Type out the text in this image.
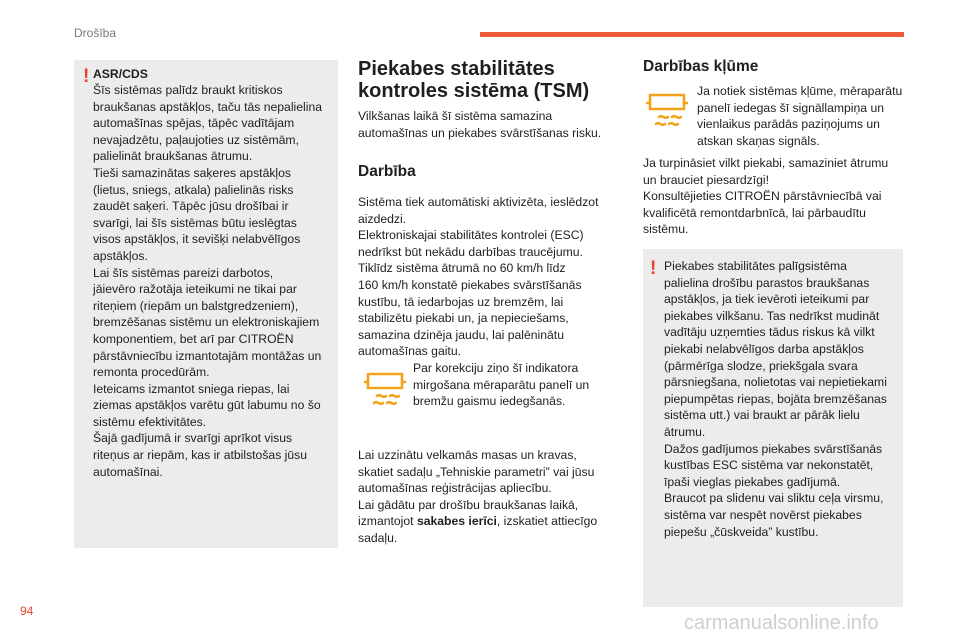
Drošība
! ASR/CDS
Šīs sistēmas palīdz braukt kritiskos
braukšanas apstākļos, taču tās nepalielina
automašīnas spējas, tāpēc vadītājam
nevajadzētu, paļaujoties uz sistēmām,
palielināt braukšanas ātrumu.
Tieši samazinātas saķeres apstākļos
(lietus, sniegs, atkala) palielinās risks
zaudēt saķeri. Tāpēc jūsu drošībai ir
svarīgi, lai šīs sistēmas būtu ieslēgtas
visos apstākļos, it sevišķi nelabvēlīgos
apstākļos.
Lai šīs sistēmas pareizi darbotos,
jāievēro ražotāja ieteikumi ne tikai par
riteņiem (riepām un balstgredzeniem),
bremzēšanas sistēmu un elektroniskajiem
komponentiem, bet arī par CITROËN
pārstāvniecību izmantotajām montāžas un
remonta procedūrām.
Ieteicams izmantot sniega riepas, lai
ziemas apstākļos varētu gūt labumu no šo
sistēmu efektivitātes.
Šajā gadījumā ir svarīgi aprīkot visus
riteņus ar riepām, kas ir atbilstošas jūsu
automašīnai.
Piekabes stabilitātes
kontroles sistēma (TSM)
Vilkšanas laikā šī sistēma samazina
automašīnas un piekabes svārstīšanas risku.
Darbība
Sistēma tiek automātiski aktivizēta, ieslēdzot
aizdedzi.
Elektroniskajai stabilitātes kontrolei (ESC)
nedrīkst būt nekādu darbības traucējumu.
Tiklīdz sistēma ātrumā no 60 km/h līdz
160 km/h konstatē piekabes svārstīšanās
kustību, tā iedarbojas uz bremzēm, lai
stabilizētu piekabi un, ja nepieciešams,
samazina dzinēja jaudu, lai palēninātu
automašīnas gaitu.
Par korekciju ziņo šī indikatora
mirgošana mēraparātu panelī un
bremžu gaismu iedegšanās.
Lai uzzinātu velkamās masas un kravas,
skatiet sadaļu „Tehniskie parametri” vai jūsu
automašīnas reģistrācijas apliecību.
Lai gādātu par drošību braukšanas laikā,
izmantojot sakabes ierīci, izskatiet attiecīgo
sadaļu.
Darbības kļūme
Ja notiek sistēmas kļūme, mēraparātu
panelī iedegas šī signāllampiņa un
vienlaikus parādās paziņojums un
atskan skaņas signāls.
Ja turpināsiet vilkt piekabi, samaziniet ātrumu
un brauciet piesardzīgi!
Konsultējieties CITROËN pārstāvniecībā vai
kvalificētā remontdarbnīcā, lai pārbaudītu
sistēmu.
! Piekabes stabilitātes palīgsistēma
palielina drošību parastos braukšanas
apstākļos, ja tiek ievēroti ieteikumi par
piekabes vilkšanu. Tas nedrīkst mudināt
vadītāju uzņemties tādus riskus kā vilkt
piekabi nelabvēlīgos darba apstākļos
(pārmērīga slodze, priekšgala svara
pārsniegšana, nolietotas vai nepietiekami
piepumpētas riepas, bojāta bremzēšanas
sistēma utt.) vai braukt ar pārāk lielu
ātrumu.
Dažos gadījumos piekabes svārstīšanās
kustības ESC sistēma var nekonstatēt,
īpaši vieglas piekabes gadījumā.
Braucot pa slidenu vai sliktu ceļa virsmu,
sistēma var nespēt novērst piekabes
piepešu „čūskveida” kustību.
94
carmanualsonline.info
